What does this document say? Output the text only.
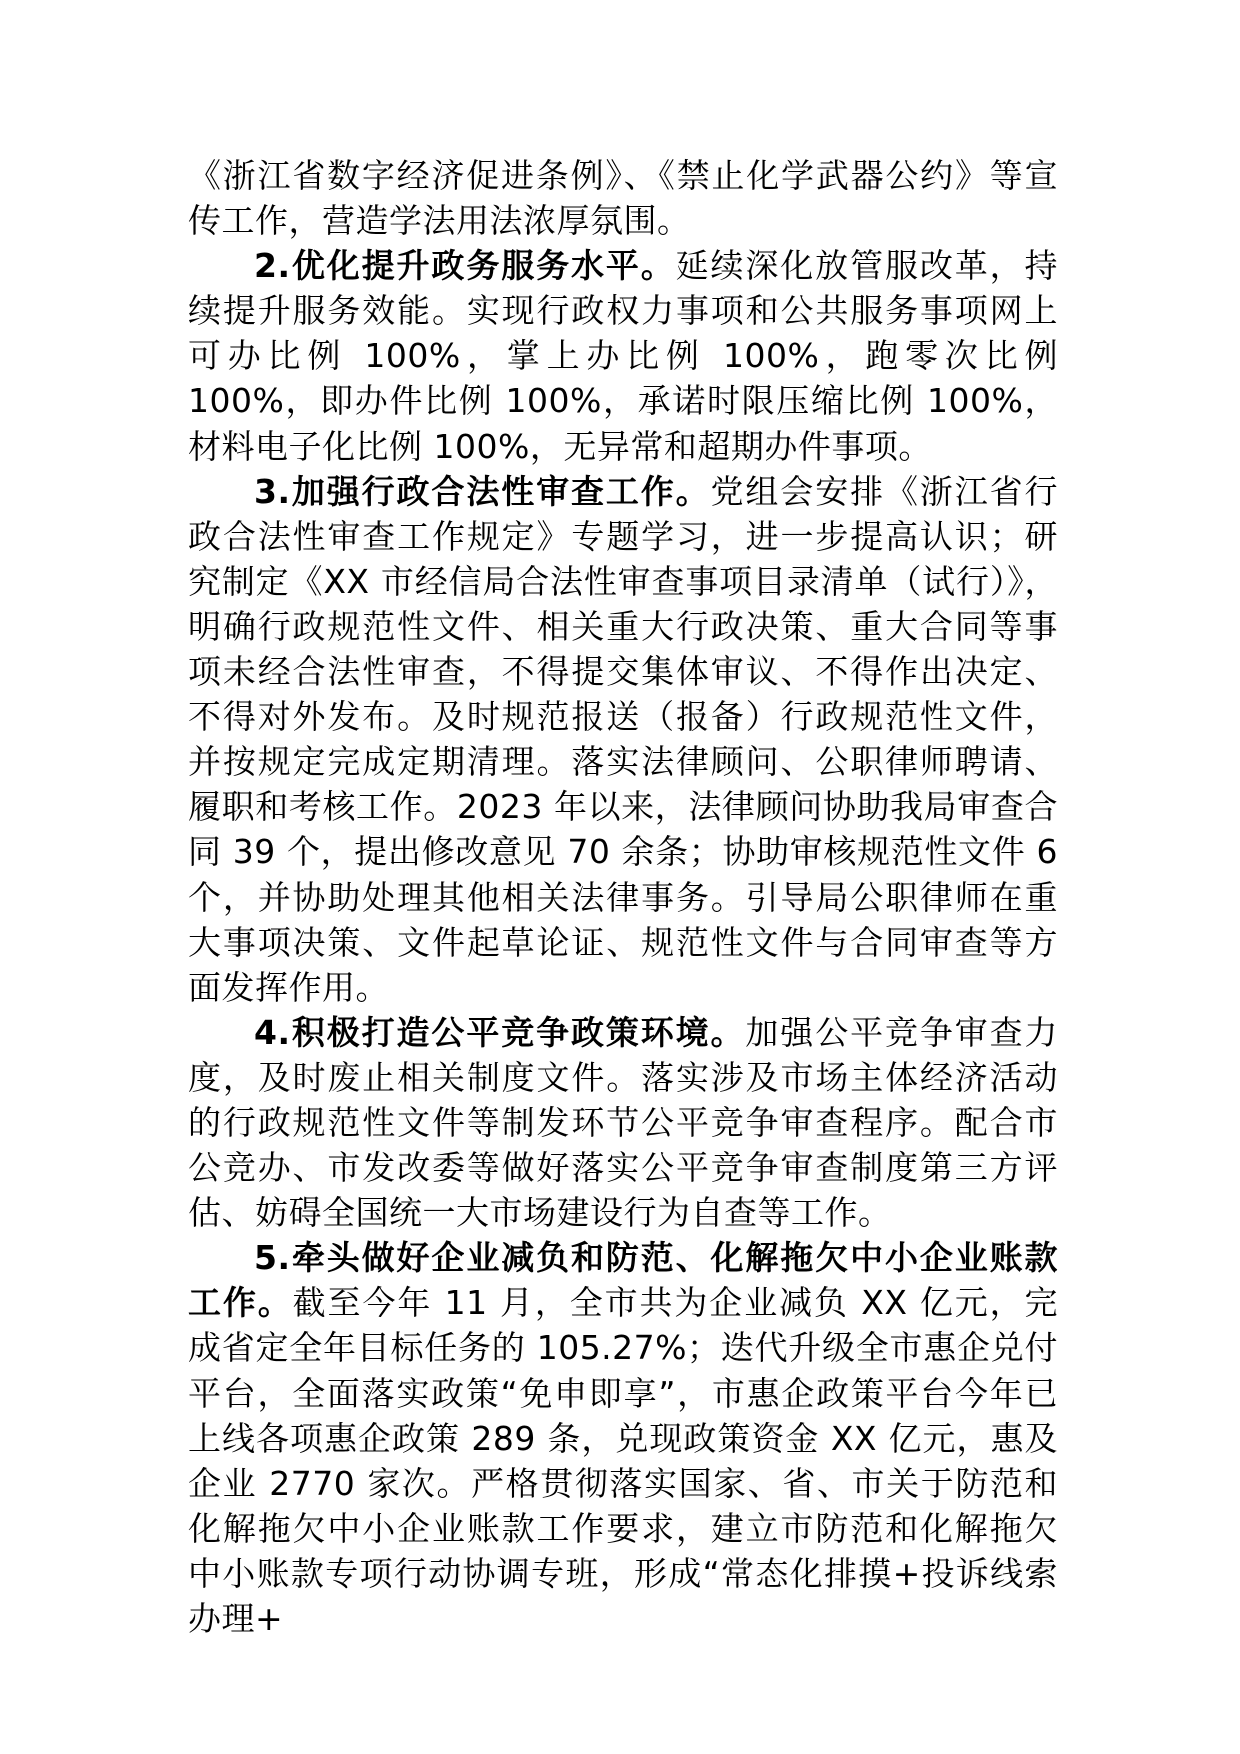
《浙江省数字经济促进条例》、《禁止化学武器公约》等宣传工作，营造学法用法浓厚氛围。

2.优化提升政务服务水平。延续深化放管服改革，持续提升服务效能。实现行政权力事项和公共服务事项网上可办比例 100%，掌上办比例 100%，跑零次比例 100%，即办件比例 100%，承诺时限压缩比例 100%，材料电子化比例 100%，无异常和超期办件事项。

3.加强行政合法性审查工作。党组会安排《浙江省行政合法性审查工作规定》专题学习，进一步提高认识；研究制定《XX 市经信局合法性审查事项目录清单（试行）》，明确行政规范性文件、相关重大行政决策、重大合同等事项未经合法性审查，不得提交集体审议、不得作出决定、不得对外发布。及时规范报送（报备）行政规范性文件，并按规定完成定期清理。落实法律顾问、公职律师聘请、履职和考核工作。2023 年以来，法律顾问协助我局审查合同 39 个，提出修改意见 70 余条；协助审核规范性文件 6 个，并协助处理其他相关法律事务。引导局公职律师在重大事项决策、文件起草论证、规范性文件与合同审查等方面发挥作用。

4.积极打造公平竞争政策环境。加强公平竞争审查力度，及时废止相关制度文件。落实涉及市场主体经济活动的行政规范性文件等制发环节公平竞争审查程序。配合市公竞办、市发改委等做好落实公平竞争审查制度第三方评估、妨碍全国统一大市场建设行为自查等工作。

5.牵头做好企业减负和防范、化解拖欠中小企业账款工作。截至今年 11 月，全市共为企业减负 XX 亿元，完成省定全年目标任务的 105.27%；迭代升级全市惠企兑付平台，全面落实政策“免申即享”，市惠企政策平台今年已上线各项惠企政策 289 条，兑现政策资金 XX 亿元，惠及企业 2770 家次。严格贯彻落实国家、省、市关于防范和化解拖欠中小企业账款工作要求，建立市防范和化解拖欠中小账款专项行动协调专班，形成“常态化排摸+投诉线索办理+
